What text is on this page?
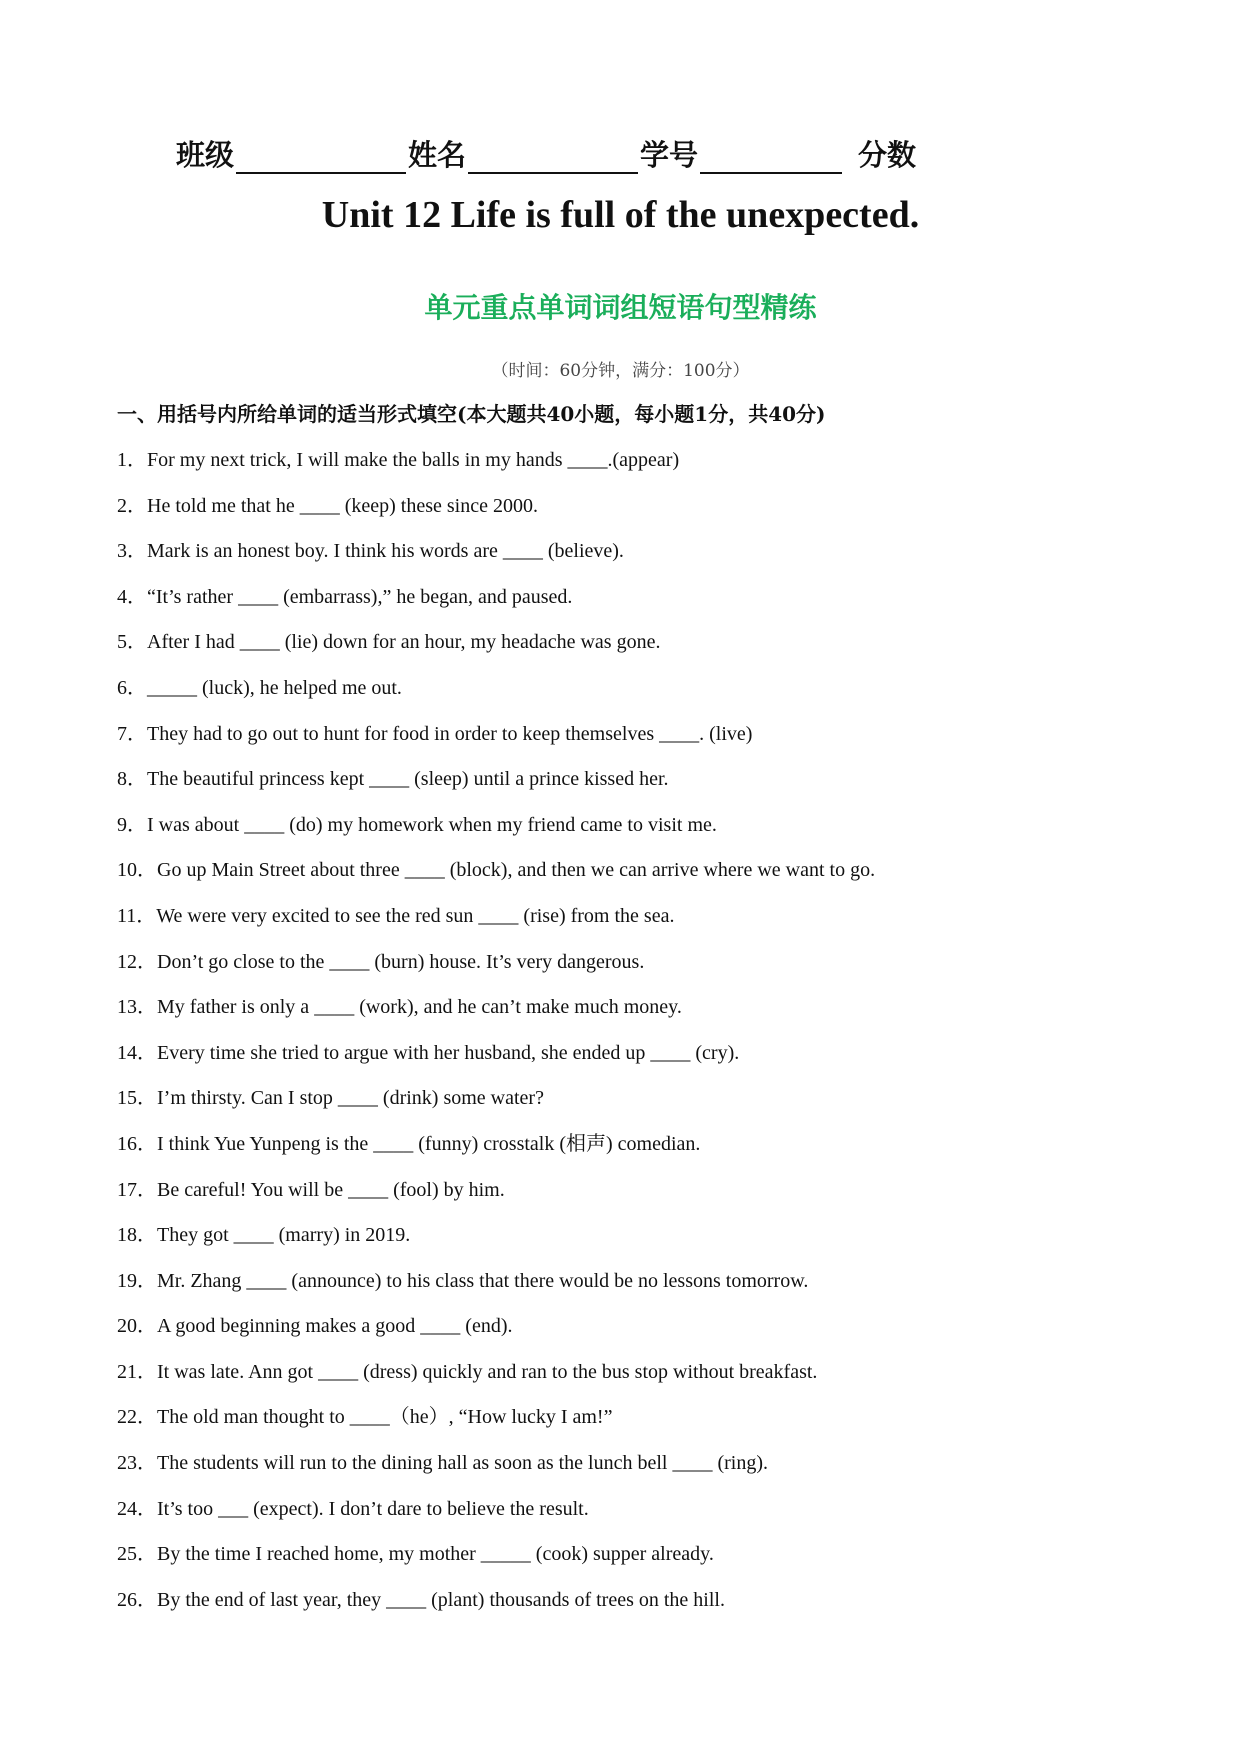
班级	姓名	学号	分数
Unit 12 Life is full of the unexpected.
单元重点单词词组短语句型精练
（时间：60分钟，满分：100分）
一、用括号内所给单词的适当形式填空(本大题共40小题，每小题1分，共40分)
1．For my next trick, I will make the balls in my hands ____.(appear)
2．He told me that he ____ (keep) these since 2000.
3．Mark is an honest boy. I think his words are ____ (believe).
4．“It’s rather ____ (embarrass),” he began, and paused.
5．After I had ____ (lie) down for an hour, my headache was gone.
6．_____ (luck), he helped me out.
7．They had to go out to hunt for food in order to keep themselves ____. (live)
8．The beautiful princess kept ____ (sleep) until a prince kissed her.
9．I was about ____ (do) my homework when my friend came to visit me.
10．Go up Main Street about three ____ (block), and then we can arrive where we want to go.
11．We were very excited to see the red sun ____ (rise) from the sea.
12．Don’t go close to the ____ (burn) house. It’s very dangerous.
13．My father is only a ____ (work), and he can’t make much money.
14．Every time she tried to argue with her husband, she ended up ____ (cry).
15．I’m thirsty. Can I stop ____ (drink) some water?
16．I think Yue Yunpeng is the ____ (funny) crosstalk (相声) comedian.
17．Be careful! You will be ____ (fool) by him.
18．They got ____ (marry) in 2019.
19．Mr. Zhang ____ (announce) to his class that there would be no lessons tomorrow.
20．A good beginning makes a good ____ (end).
21．It was late. Ann got ____ (dress) quickly and ran to the bus stop without breakfast.
22．The old man thought to ____（he）, “How lucky I am!”
23．The students will run to the dining hall as soon as the lunch bell ____ (ring).
24．It’s too ___ (expect). I don’t dare to believe the result.
25．By the time I reached home, my mother _____ (cook) supper already.
26．By the end of last year, they ____ (plant) thousands of trees on the hill.
